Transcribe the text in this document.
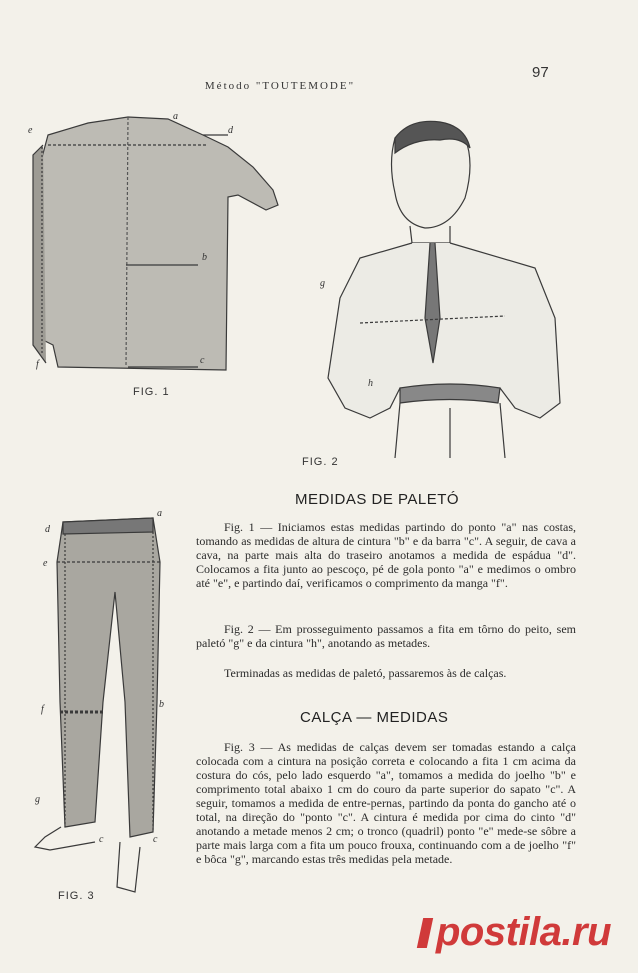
Método "TOUTEMODE"
97
e
a
d
b
f	c
FIG. 1
g
h
FIG. 2
d
a
e
f	b
g
c	c
FIG. 3
MEDIDAS DE PALETÓ

Fig. 1 — Iniciamos estas medidas partindo do ponto "a" nas costas, tomando as medidas de altura de cintura "b" e da barra "c". A seguir, de cava a cava, na parte mais alta do traseiro anotamos a medida de espádua "d". Colocamos a fita junto ao pescoço, pé de gola ponto "a" e medimos o ombro até "e", e partindo daí, verificamos o comprimento da manga "f".

Fig. 2 — Em prosseguimento passamos a fita em tôrno do peito, sem paletó "g" e da cintura "h", anotando as metades.

Terminadas as medidas de paletó, passaremos às de calças.

CALÇA — MEDIDAS

Fig. 3 — As medidas de calças devem ser tomadas estando a calça colocada com a cintura na posição correta e colocando a fita 1 cm acima da costura do cós, pelo lado esquerdo "a", tomamos a medida do joelho "b" e comprimento total abaixo 1 cm do couro da parte superior do sapato "c". A seguir, tomamos a medida de entre-pernas, partindo da ponta do gancho até o total, na direção do "ponto "c". A cintura é medida por cima do cinto "d" anotando a metade menos 2 cm; o tronco (quadril) ponto "e" mede-se sôbre a parte mais larga com a fita um pouco frouxa, continuando com a de joelho "f" e bôca "g", marcando estas três medidas pela metade.

postila.ru
